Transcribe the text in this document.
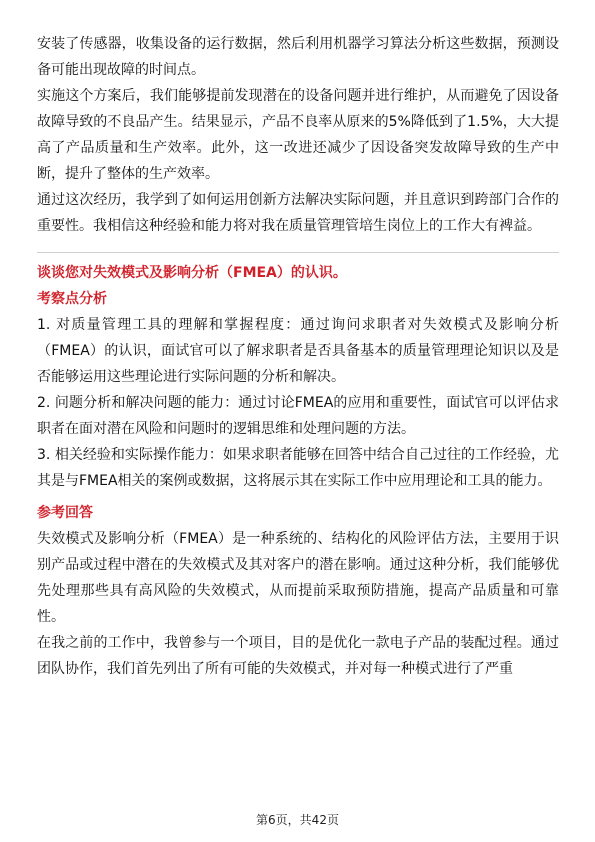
安装了传感器，收集设备的运行数据，然后利用机器学习算法分析这些数据，预测设备可能出现故障的时间点。

实施这个方案后，我们能够提前发现潜在的设备问题并进行维护，从而避免了因设备故障导致的不良品产生。结果显示，产品不良率从原来的5%降低到了1.5%，大大提高了产品质量和生产效率。此外，这一改进还减少了因设备突发故障导致的生产中断，提升了整体的生产效率。

通过这次经历，我学到了如何运用创新方法解决实际问题，并且意识到跨部门合作的重要性。我相信这种经验和能力将对我在质量管理管培生岗位上的工作大有裨益。

谈谈您对失效模式及影响分析（FMEA）的认识。

考察点分析

1. 对质量管理工具的理解和掌握程度：通过询问求职者对失效模式及影响分析（FMEA）的认识，面试官可以了解求职者是否具备基本的质量管理理论知识以及是否能够运用这些理论进行实际问题的分析和解决。

2. 问题分析和解决问题的能力：通过讨论FMEA的应用和重要性，面试官可以评估求职者在面对潜在风险和问题时的逻辑思维和处理问题的方法。

3. 相关经验和实际操作能力：如果求职者能够在回答中结合自己过往的工作经验，尤其是与FMEA相关的案例或数据，这将展示其在实际工作中应用理论和工具的能力。

参考回答

失效模式及影响分析（FMEA）是一种系统的、结构化的风险评估方法，主要用于识别产品或过程中潜在的失效模式及其对客户的潜在影响。通过这种分析，我们能够优先处理那些具有高风险的失效模式，从而提前采取预防措施，提高产品质量和可靠性。

在我之前的工作中，我曾参与一个项目，目的是优化一款电子产品的装配过程。通过团队协作，我们首先列出了所有可能的失效模式，并对每一种模式进行了严重

第6页，共42页
